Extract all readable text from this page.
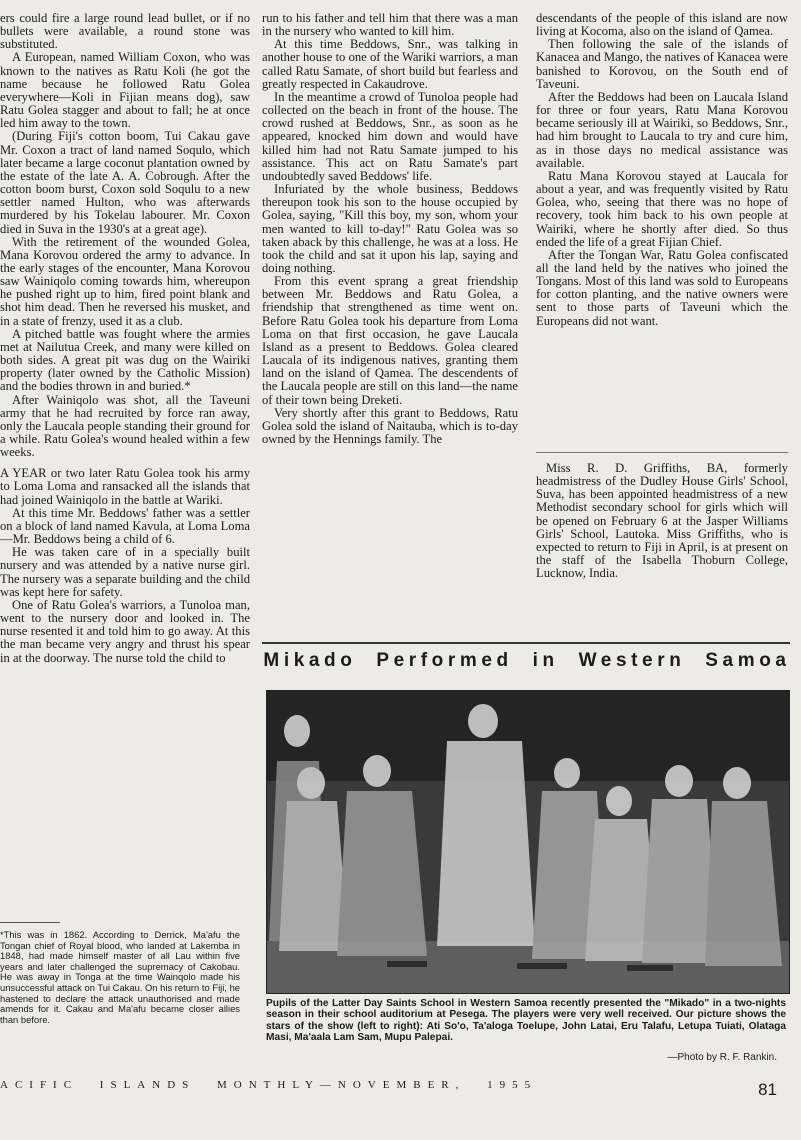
ers could fire a large round lead bullet, or if no bullets were available, a round stone was substituted.

A European, named William Coxon, who was known to the natives as Ratu Koli (he got the name because he followed Ratu Golea everywhere—Koli in Fijian means dog), saw Ratu Golea stagger and about to fall; he at once led him away to the town.

(During Fiji's cotton boom, Tui Cakau gave Mr. Coxon a tract of land named Soqulo, which later became a large coconut plantation owned by the estate of the late A. A. Cobrough. After the cotton boom burst, Coxon sold Soqulu to a new settler named Hulton, who was afterwards murdered by his Tokelau labourer. Mr. Coxon died in Suva in the 1930's at a great age).

With the retirement of the wounded Golea, Mana Korovou ordered the army to advance. In the early stages of the encounter, Mana Korovou saw Wainiqolo coming towards him, whereupon he pushed right up to him, fired point blank and shot him dead. Then he reversed his musket, and in a state of frenzy, used it as a club.

A pitched battle was fought where the armies met at Nailutua Creek, and many were killed on both sides. A great pit was dug on the Wairiki property (later owned by the Catholic Mission) and the bodies thrown in and buried.*

After Wainiqolo was shot, all the Taveuni army that he had recruited by force ran away, only the Laucala people standing their ground for a while. Ratu Golea's wound healed within a few weeks.

A YEAR or two later Ratu Golea took his army to Loma Loma and ransacked all the islands that had joined Wainiqolo in the battle at Wariki.

At this time Mr. Beddows' father was a settler on a block of land named Kavula, at Loma Loma—Mr. Beddows being a child of 6.

He was taken care of in a specially built nursery and was attended by a native nurse girl. The nursery was a separate building and the child was kept here for safety.

One of Ratu Golea's warriors, a Tunoloa man, went to the nursery door and looked in. The nurse resented it and told him to go away. At this the man became very angry and thrust his spear in at the doorway. The nurse told the child to

*This was in 1862. According to Derrick, Ma'afu the Tongan chief of Royal blood, who landed at Lakemba in 1848, had made himself master of all Lau within five years and later challenged the supremacy of Cakobau. He was away in Tonga at the time Wainqolo made his unsuccessful attack on Tui Cakau. On his return to Fiji, he hastened to declare the attack unauthorised and made amends for it. Cakau and Ma'afu became closer allies than before.

run to his father and tell him that there was a man in the nursery who wanted to kill him.

At this time Beddows, Snr., was talking in another house to one of the Wariki warriors, a man called Ratu Samate, of short build but fearless and greatly respected in Cakaudrove.

In the meantime a crowd of Tunoloa people had collected on the beach in front of the house. The crowd rushed at Beddows, Snr., as soon as he appeared, knocked him down and would have killed him had not Ratu Samate jumped to his assistance. This act on Ratu Samate's part undoubtedly saved Beddows' life.

Infuriated by the whole business, Beddows thereupon took his son to the house occupied by Golea, saying, "Kill this boy, my son, whom your men wanted to kill to-day!" Ratu Golea was so taken aback by this challenge, he was at a loss. He took the child and sat it upon his lap, saying and doing nothing.

From this event sprang a great friendship between Mr. Beddows and Ratu Golea, a friendship that strengthened as time went on. Before Ratu Golea took his departure from Loma Loma on that first occasion, he gave Laucala Island as a present to Beddows. Golea cleared Laucala of its indigenous natives, granting them land on the island of Qamea. The descendents of the Laucala people are still on this land—the name of their town being Dreketi.

Very shortly after this grant to Beddows, Ratu Golea sold the island of Naitauba, which is to-day owned by the Hennings family. The

descendants of the people of this island are now living at Kocoma, also on the island of Qamea.

Then following the sale of the islands of Kanacea and Mango, the natives of Kanacea were banished to Korovou, on the South end of Taveuni.

After the Beddows had been on Laucala Island for three or four years, Ratu Mana Korovou became seriously ill at Wairiki, so Beddows, Snr., had him brought to Laucala to try and cure him, as in those days no medical assistance was available.

Ratu Mana Korovou stayed at Laucala for about a year, and was frequently visited by Ratu Golea, who, seeing that there was no hope of recovery, took him back to his own people at Wairiki, where he shortly after died. So thus ended the life of a great Fijian Chief.

After the Tongan War, Ratu Golea confiscated all the land held by the natives who joined the Tongans. Most of this land was sold to Europeans for cotton planting, and the native owners were sent to those parts of Taveuni which the Europeans did not want.

Miss R. D. Griffiths, BA, formerly headmistress of the Dudley House Girls' School, Suva, has been appointed headmistress of a new Methodist secondary school for girls which will be opened on February 6 at the Jasper Williams Girls' School, Lautoka. Miss Griffiths, who is expected to return to Fiji in April, is at present on the staff of the Isabella Thoburn College, Lucknow, India.

Mikado Performed in Western Samoa
Pupils of the Latter Day Saints School in Western Samoa recently presented the "Mikado" in a two-nights season in their school auditorium at Pesega. The players were very well received. Our picture shows the stars of the show (left to right): Ati So'o, Ta'aloga Toelupe, John Latai, Eru Talafu, Letupa Tuiati, Olataga Masi, Ma'aala Lam Sam, Mupu Palepai.
—Photo by R. F. Rankin.
ACIFIC ISLANDS MONTHLY—NOVEMBER, 1955	81
